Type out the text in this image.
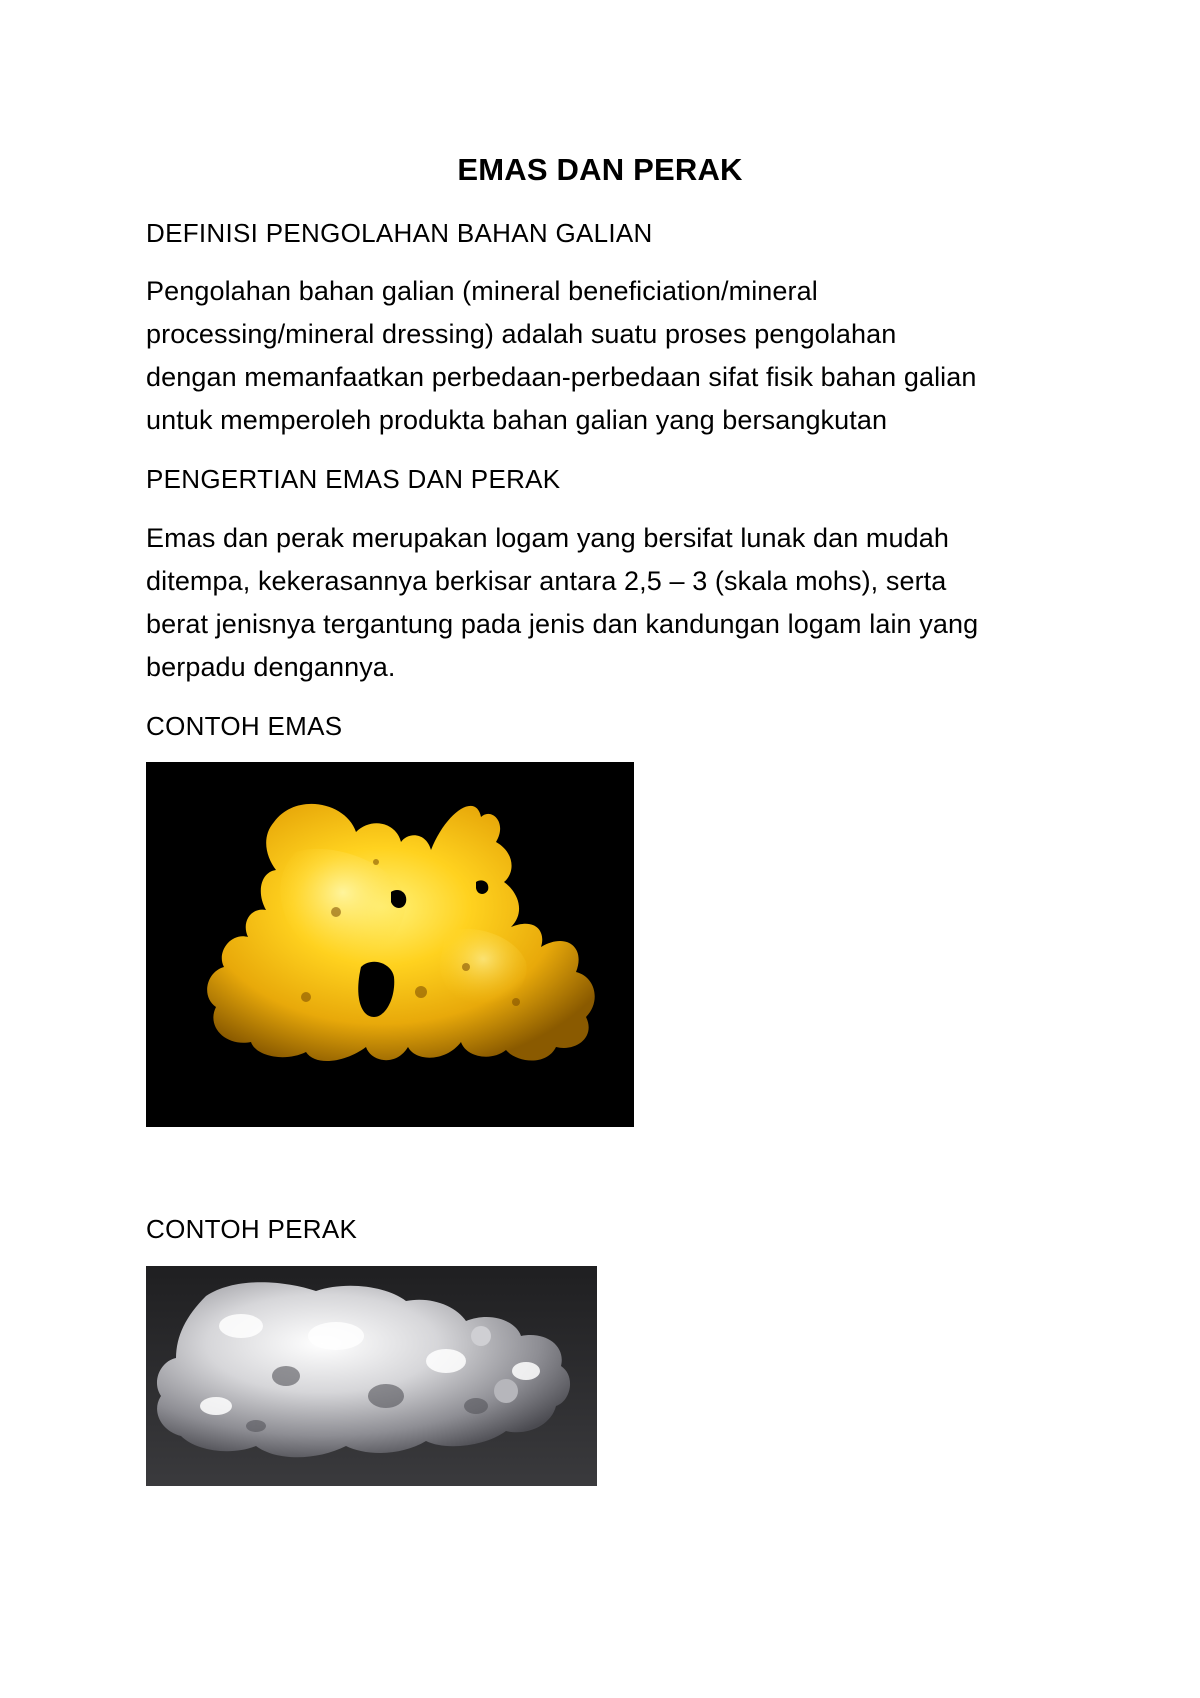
EMAS DAN PERAK
DEFINISI PENGOLAHAN BAHAN GALIAN
Pengolahan bahan galian (mineral beneficiation/mineral
processing/mineral dressing) adalah suatu proses pengolahan
dengan memanfaatkan perbedaan-perbedaan sifat fisik bahan galian
untuk memperoleh produkta bahan galian yang bersangkutan
PENGERTIAN EMAS DAN PERAK
Emas dan perak merupakan logam yang bersifat lunak dan mudah
ditempa, kekerasannya berkisar antara 2,5 – 3 (skala mohs), serta
berat jenisnya tergantung pada jenis dan kandungan logam lain yang
berpadu dengannya.
CONTOH EMAS
CONTOH PERAK
